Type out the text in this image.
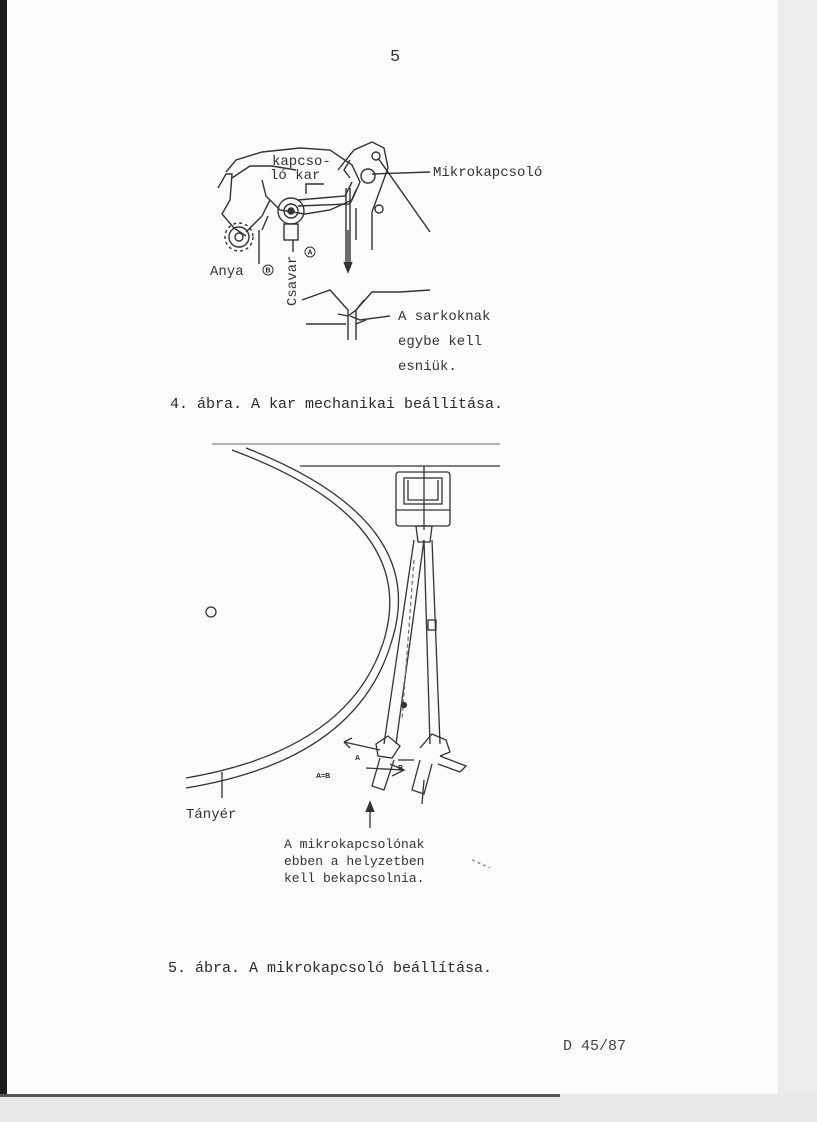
5
kapcso-
ló kar	Mikrokapcsoló
Anya	B Csavar
A
A sarkoknak
egybe kell
esniük.
A
B
A=B
Tányér
A mikrokapcsolónak
ebben a helyzetben
kell bekapcsolnia.
4. ábra. A kar mechanikai beállítása.
5. ábra. A mikrokapcsoló beállítása.
D 45/87
